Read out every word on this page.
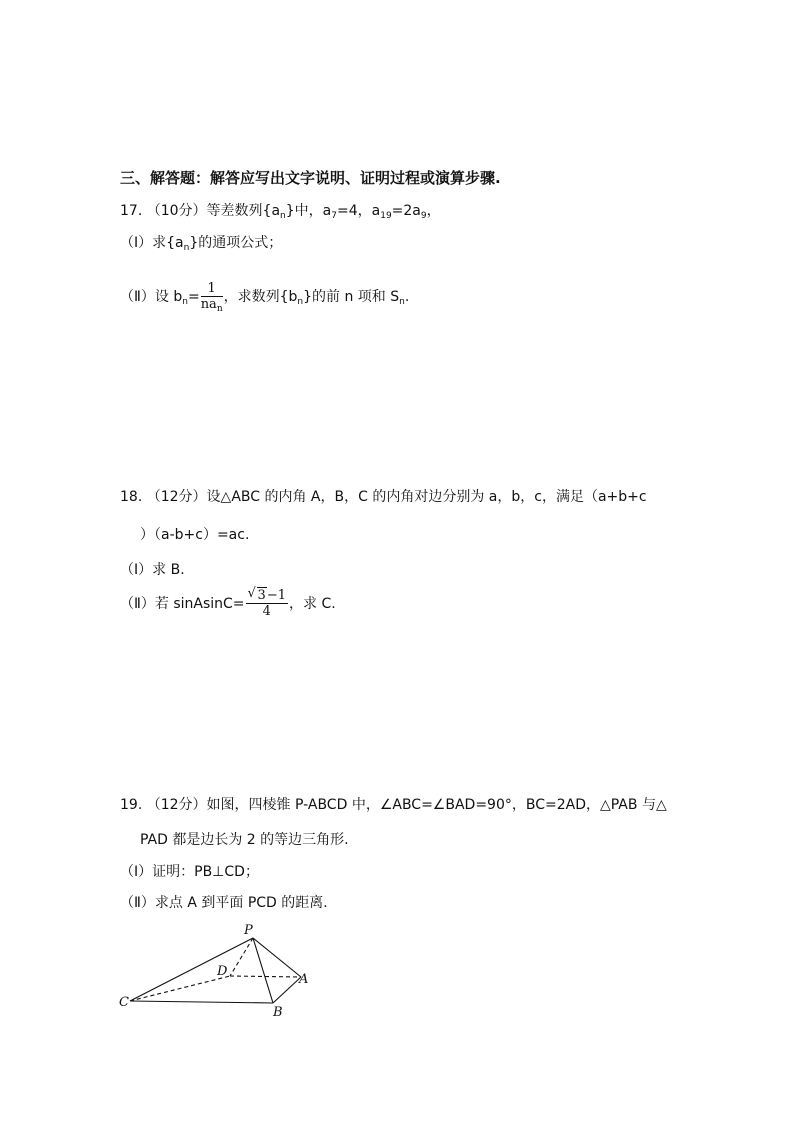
三、解答题：解答应写出文字说明、证明过程或演算步骤.
17. （10分）等差数列$\{a_n\}$中，$a_7=4$，$a_{19}=2a_9$，
（Ⅰ）求$\{a_n\}$的通项公式；
（Ⅱ）设 $b_n= \frac{1}{na_n}$ ，求数列$\{b_n\}$的前 n 项和 $S_n$.
18. （12分）设△ABC 的内角 A，B，C 的内角对边分别为 a，b，c，满足（a+b+c
）（a-b+c）=ac.
（Ⅰ）求 B.
（Ⅱ）若 sinAsinC= $\frac{√ 3-1}{4}$ ，求 C.
19. （12分）如图，四棱锥 P-ABCD 中，∠ABC=∠BAD=90°，BC=2AD，△PAB 与△
PAD 都是边长为 2 的等边三角形.
（Ⅰ）证明：PB⊥CD；
（Ⅱ）求点 A 到平面 PCD 的距离.
P
D
A
B
C
